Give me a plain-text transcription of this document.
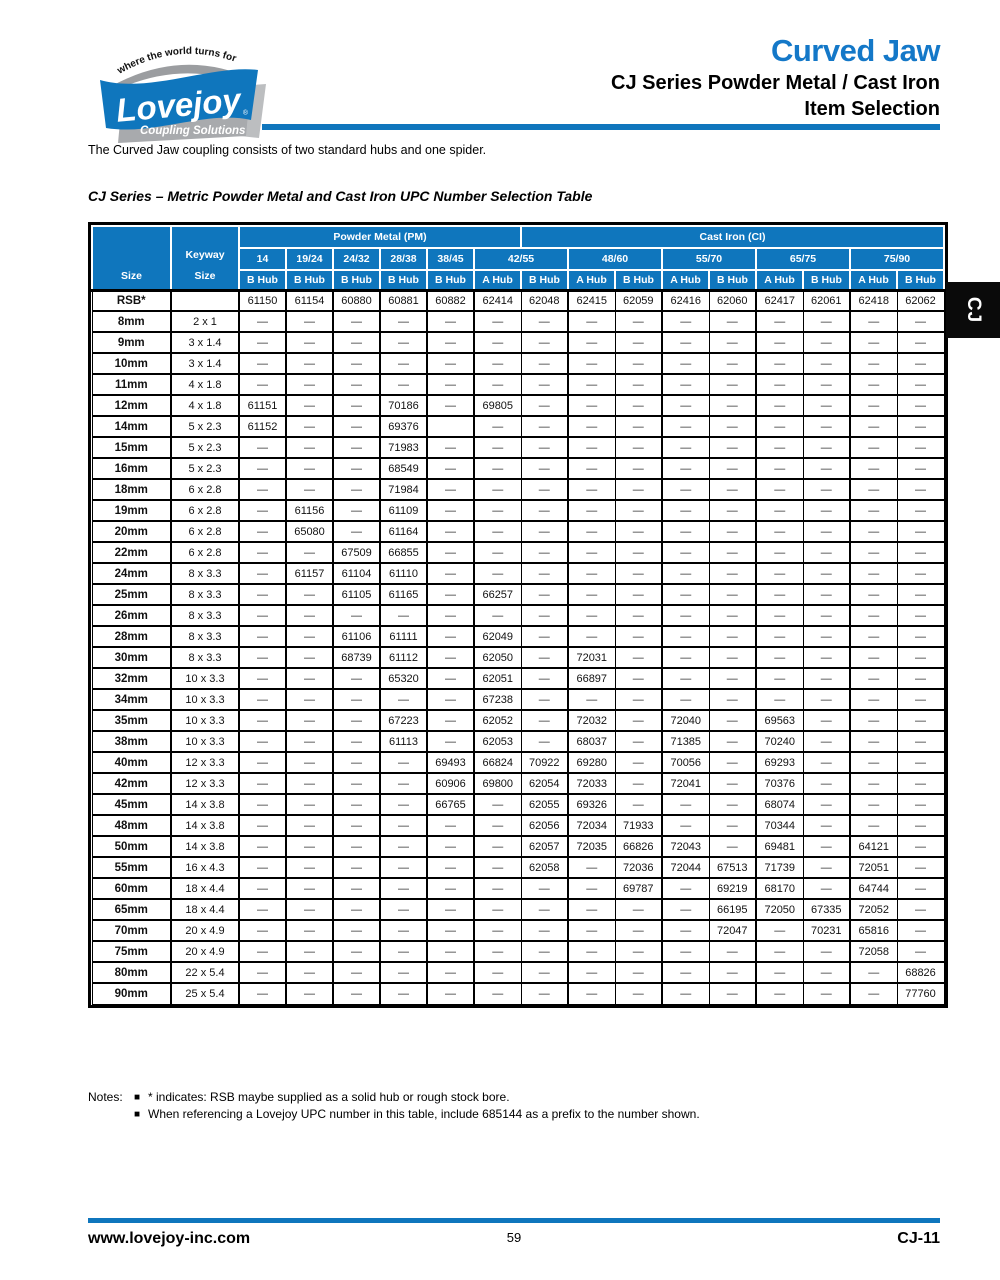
where the world turns for
Lovejoy ®
Coupling Solutions
Curved Jaw
CJ Series Powder Metal / Cast Iron
Item Selection
The Curved Jaw coupling consists of two standard hubs and one spider.
CJ Series – Metric Powder Metal and Cast Iron UPC Number Selection Table
Size	Keyway
Size	Powder Metal (PM)						Cast Iron (CI)								
		14	19/24	24/32	28/38	38/45	42/55		48/60		55/70		65/75		75/90	
		B Hub	B Hub	B Hub	B Hub	B Hub	A Hub	B Hub	A Hub	B Hub	A Hub	B Hub	A Hub	B Hub	A Hub	B Hub
RSB*		61150	61154	60880	60881	60882	62414	62048	62415	62059	62416	62060	62417	62061	62418	62062
8mm	2 x 1	—	—	—	—	—	—	—	—	—	—	—	—	—	—	—
9mm	3 x 1.4	—	—	—	—	—	—	—	—	—	—	—	—	—	—	—
10mm	3 x 1.4	—	—	—	—	—	—	—	—	—	—	—	—	—	—	—
11mm	4 x 1.8	—	—	—	—	—	—	—	—	—	—	—	—	—	—	—
12mm	4 x 1.8	61151	—	—	70186	—	69805	—	—	—	—	—	—	—	—	—
14mm	5 x 2.3	61152	—	—	69376		—	—	—	—	—	—	—	—	—	—
15mm	5 x 2.3	—	—	—	71983	—	—	—	—	—	—	—	—	—	—	—
16mm	5 x 2.3	—	—	—	68549	—	—	—	—	—	—	—	—	—	—	—
18mm	6 x 2.8	—	—	—	71984	—	—	—	—	—	—	—	—	—	—	—
19mm	6 x 2.8	—	61156	—	61109	—	—	—	—	—	—	—	—	—	—	—
20mm	6 x 2.8	—	65080	—	61164	—	—	—	—	—	—	—	—	—	—	—
22mm	6 x 2.8	—	—	67509	66855	—	—	—	—	—	—	—	—	—	—	—
24mm	8 x 3.3	—	61157	61104	61110	—	—	—	—	—	—	—	—	—	—	—
25mm	8 x 3.3	—	—	61105	61165	—	66257	—	—	—	—	—	—	—	—	—
26mm	8 x 3.3	—	—	—	—	—	—	—	—	—	—	—	—	—	—	—
28mm	8 x 3.3	—	—	61106	61111	—	62049	—	—	—	—	—	—	—	—	—
30mm	8 x 3.3	—	—	68739	61112	—	62050	—	72031	—	—	—	—	—	—	—
32mm	10 x 3.3	—	—	—	65320	—	62051	—	66897	—	—	—	—	—	—	—
34mm	10 x 3.3	—	—	—	—	—	67238	—	—	—	—	—	—	—	—	—
35mm	10 x 3.3	—	—	—	67223	—	62052	—	72032	—	72040	—	69563	—	—	—
38mm	10 x 3.3	—	—	—	61113	—	62053	—	68037	—	71385	—	70240	—	—	—
40mm	12 x 3.3	—	—	—	—	69493	66824	70922	69280	—	70056	—	69293	—	—	—
42mm	12 x 3.3	—	—	—	—	60906	69800	62054	72033	—	72041	—	70376	—	—	—
45mm	14 x 3.8	—	—	—	—	66765	—	62055	69326	—	—	—	68074	—	—	—
48mm	14 x 3.8	—	—	—	—	—	—	62056	72034	71933	—	—	70344	—	—	—
50mm	14 x 3.8	—	—	—	—	—	—	62057	72035	66826	72043	—	69481	—	64121	—
55mm	16 x 4.3	—	—	—	—	—	—	62058	—	72036	72044	67513	71739	—	72051	—
60mm	18 x 4.4	—	—	—	—	—	—	—	—	69787	—	69219	68170	—	64744	—
65mm	18 x 4.4	—	—	—	—	—	—	—	—	—	—	66195	72050	67335	72052	—
70mm	20 x 4.9	—	—	—	—	—	—	—	—	—	—	72047	—	70231	65816	—
75mm	20 x 4.9	—	—	—	—	—	—	—	—	—	—	—	—	—	72058	—
80mm	22 x 5.4	—	—	—	—	—	—	—	—	—	—	—	—	—	—	68826
90mm	25 x 5.4	—	—	—	—	—	—	—	—	—	—	—	—	—	—	77760
CJ
Notes:	■ * indicates: RSB maybe supplied as a solid hub or rough stock bore.
■ When referencing a Lovejoy UPC number in this table, include 685144 as a prefix to the number shown.
www.lovejoy-inc.com	59	CJ-11
